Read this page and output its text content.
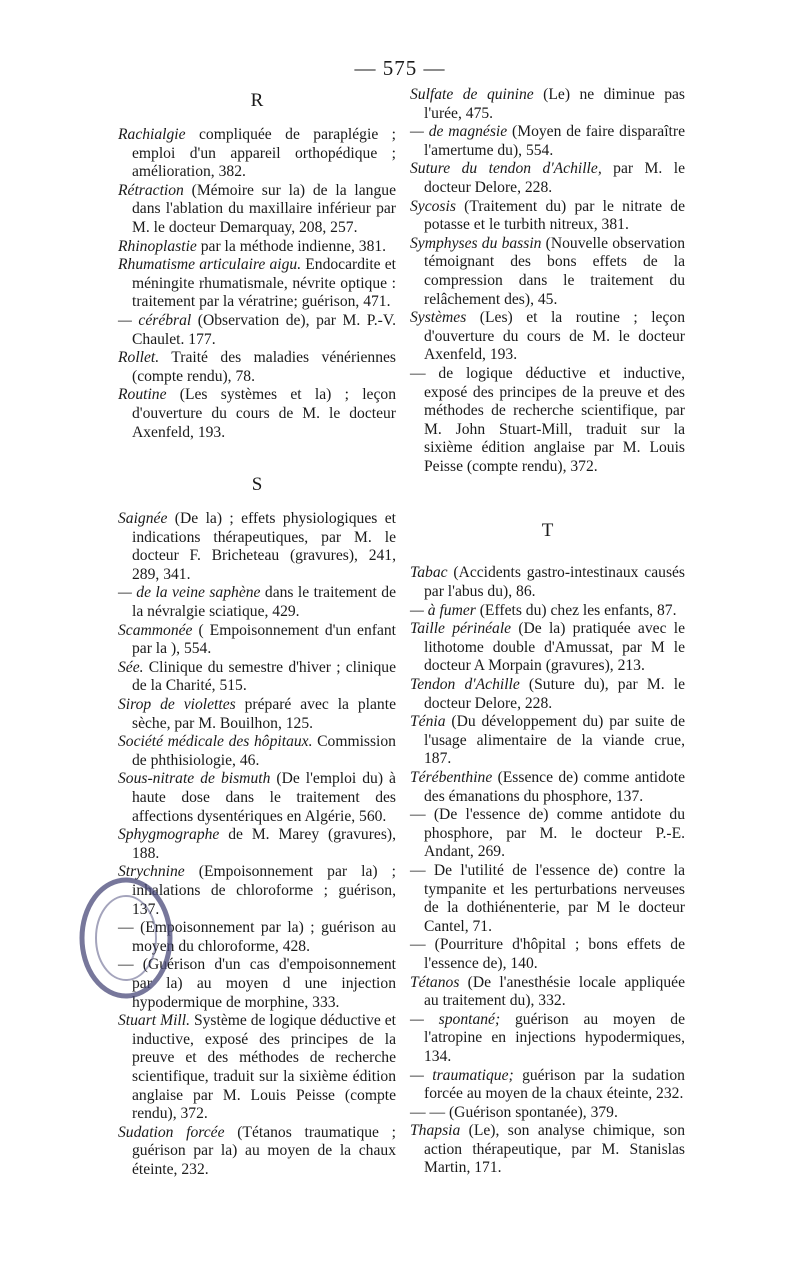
— 575 —
R

Rachialgie compliquée de paraplégie ; emploi d'un appareil orthopédique ; amélioration, 382.

Rétraction (Mémoire sur la) de la langue dans l'ablation du maxillaire inférieur par M. le docteur Demarquay, 208, 257.

Rhinoplastie par la méthode indienne, 381.

Rhumatisme articulaire aigu. Endocardite et méningite rhumatismale, névrite optique : traitement par la vératrine; guérison, 471.

— cérébral (Observation de), par M. P.-V. Chaulet. 177.

Rollet. Traité des maladies vénériennes (compte rendu), 78.

Routine (Les systèmes et la) ; leçon d'ouverture du cours de M. le docteur Axenfeld, 193.

S

Saignée (De la) ; effets physiologiques et indications thérapeutiques, par M. le docteur F. Bricheteau (gravures), 241, 289, 341.

— de la veine saphène dans le traitement de la névralgie sciatique, 429.

Scammonée ( Empoisonnement d'un enfant par la ), 554.

Sée. Clinique du semestre d'hiver ; clinique de la Charité, 515.

Sirop de violettes préparé avec la plante sèche, par M. Bouilhon, 125.

Société médicale des hôpitaux. Commission de phthisiologie, 46.

Sous-nitrate de bismuth (De l'emploi du) à haute dose dans le traitement des affections dysentériques en Algérie, 560.

Sphygmographe de M. Marey (gravures), 188.

Strychnine (Empoisonnement par la) ; inhalations de chloroforme ; guérison, 137.

— (Empoisonnement par la) ; guérison au moyen du chloroforme, 428.

— (Guérison d'un cas d'empoisonnement par la) au moyen d une injection hypodermique de morphine, 333.

Stuart Mill. Système de logique déductive et inductive, exposé des principes de la preuve et des méthodes de recherche scientifique, traduit sur la sixième édition anglaise par M. Louis Peisse (compte rendu), 372.

Sudation forcée (Tétanos traumatique ; guérison par la) au moyen de la chaux éteinte, 232.

Sulfate de quinine (Le) ne diminue pas l'urée, 475.

— de magnésie (Moyen de faire disparaître l'amertume du), 554.

Suture du tendon d'Achille, par M. le docteur Delore, 228.

Sycosis (Traitement du) par le nitrate de potasse et le turbith nitreux, 381.

Symphyses du bassin (Nouvelle observation témoignant des bons effets de la compression dans le traitement du relâchement des), 45.

Systèmes (Les) et la routine ; leçon d'ouverture du cours de M. le docteur Axenfeld, 193.

— de logique déductive et inductive, exposé des principes de la preuve et des méthodes de recherche scientifique, par M. John Stuart-Mill, traduit sur la sixième édition anglaise par M. Louis Peisse (compte rendu), 372.

T

Tabac (Accidents gastro-intestinaux causés par l'abus du), 86.

— à fumer (Effets du) chez les enfants, 87.

Taille périnéale (De la) pratiquée avec le lithotome double d'Amussat, par M le docteur A Morpain (gravures), 213.

Tendon d'Achille (Suture du), par M. le docteur Delore, 228.

Ténia (Du développement du) par suite de l'usage alimentaire de la viande crue, 187.

Térébenthine (Essence de) comme antidote des émanations du phosphore, 137.

— (De l'essence de) comme antidote du phosphore, par M. le docteur P.-E. Andant, 269.

— De l'utilité de l'essence de) contre la tympanite et les perturbations nerveuses de la dothiénenterie, par M le docteur Cantel, 71.

— (Pourriture d'hôpital ; bons effets de l'essence de), 140.

Tétanos (De l'anesthésie locale appliquée au traitement du), 332.

— spontané; guérison au moyen de l'atropine en injections hypodermiques, 134.

— traumatique; guérison par la sudation forcée au moyen de la chaux éteinte, 232.

— — (Guérison spontanée), 379.

Thapsia (Le), son analyse chimique, son action thérapeutique, par M. Stanislas Martin, 171.
